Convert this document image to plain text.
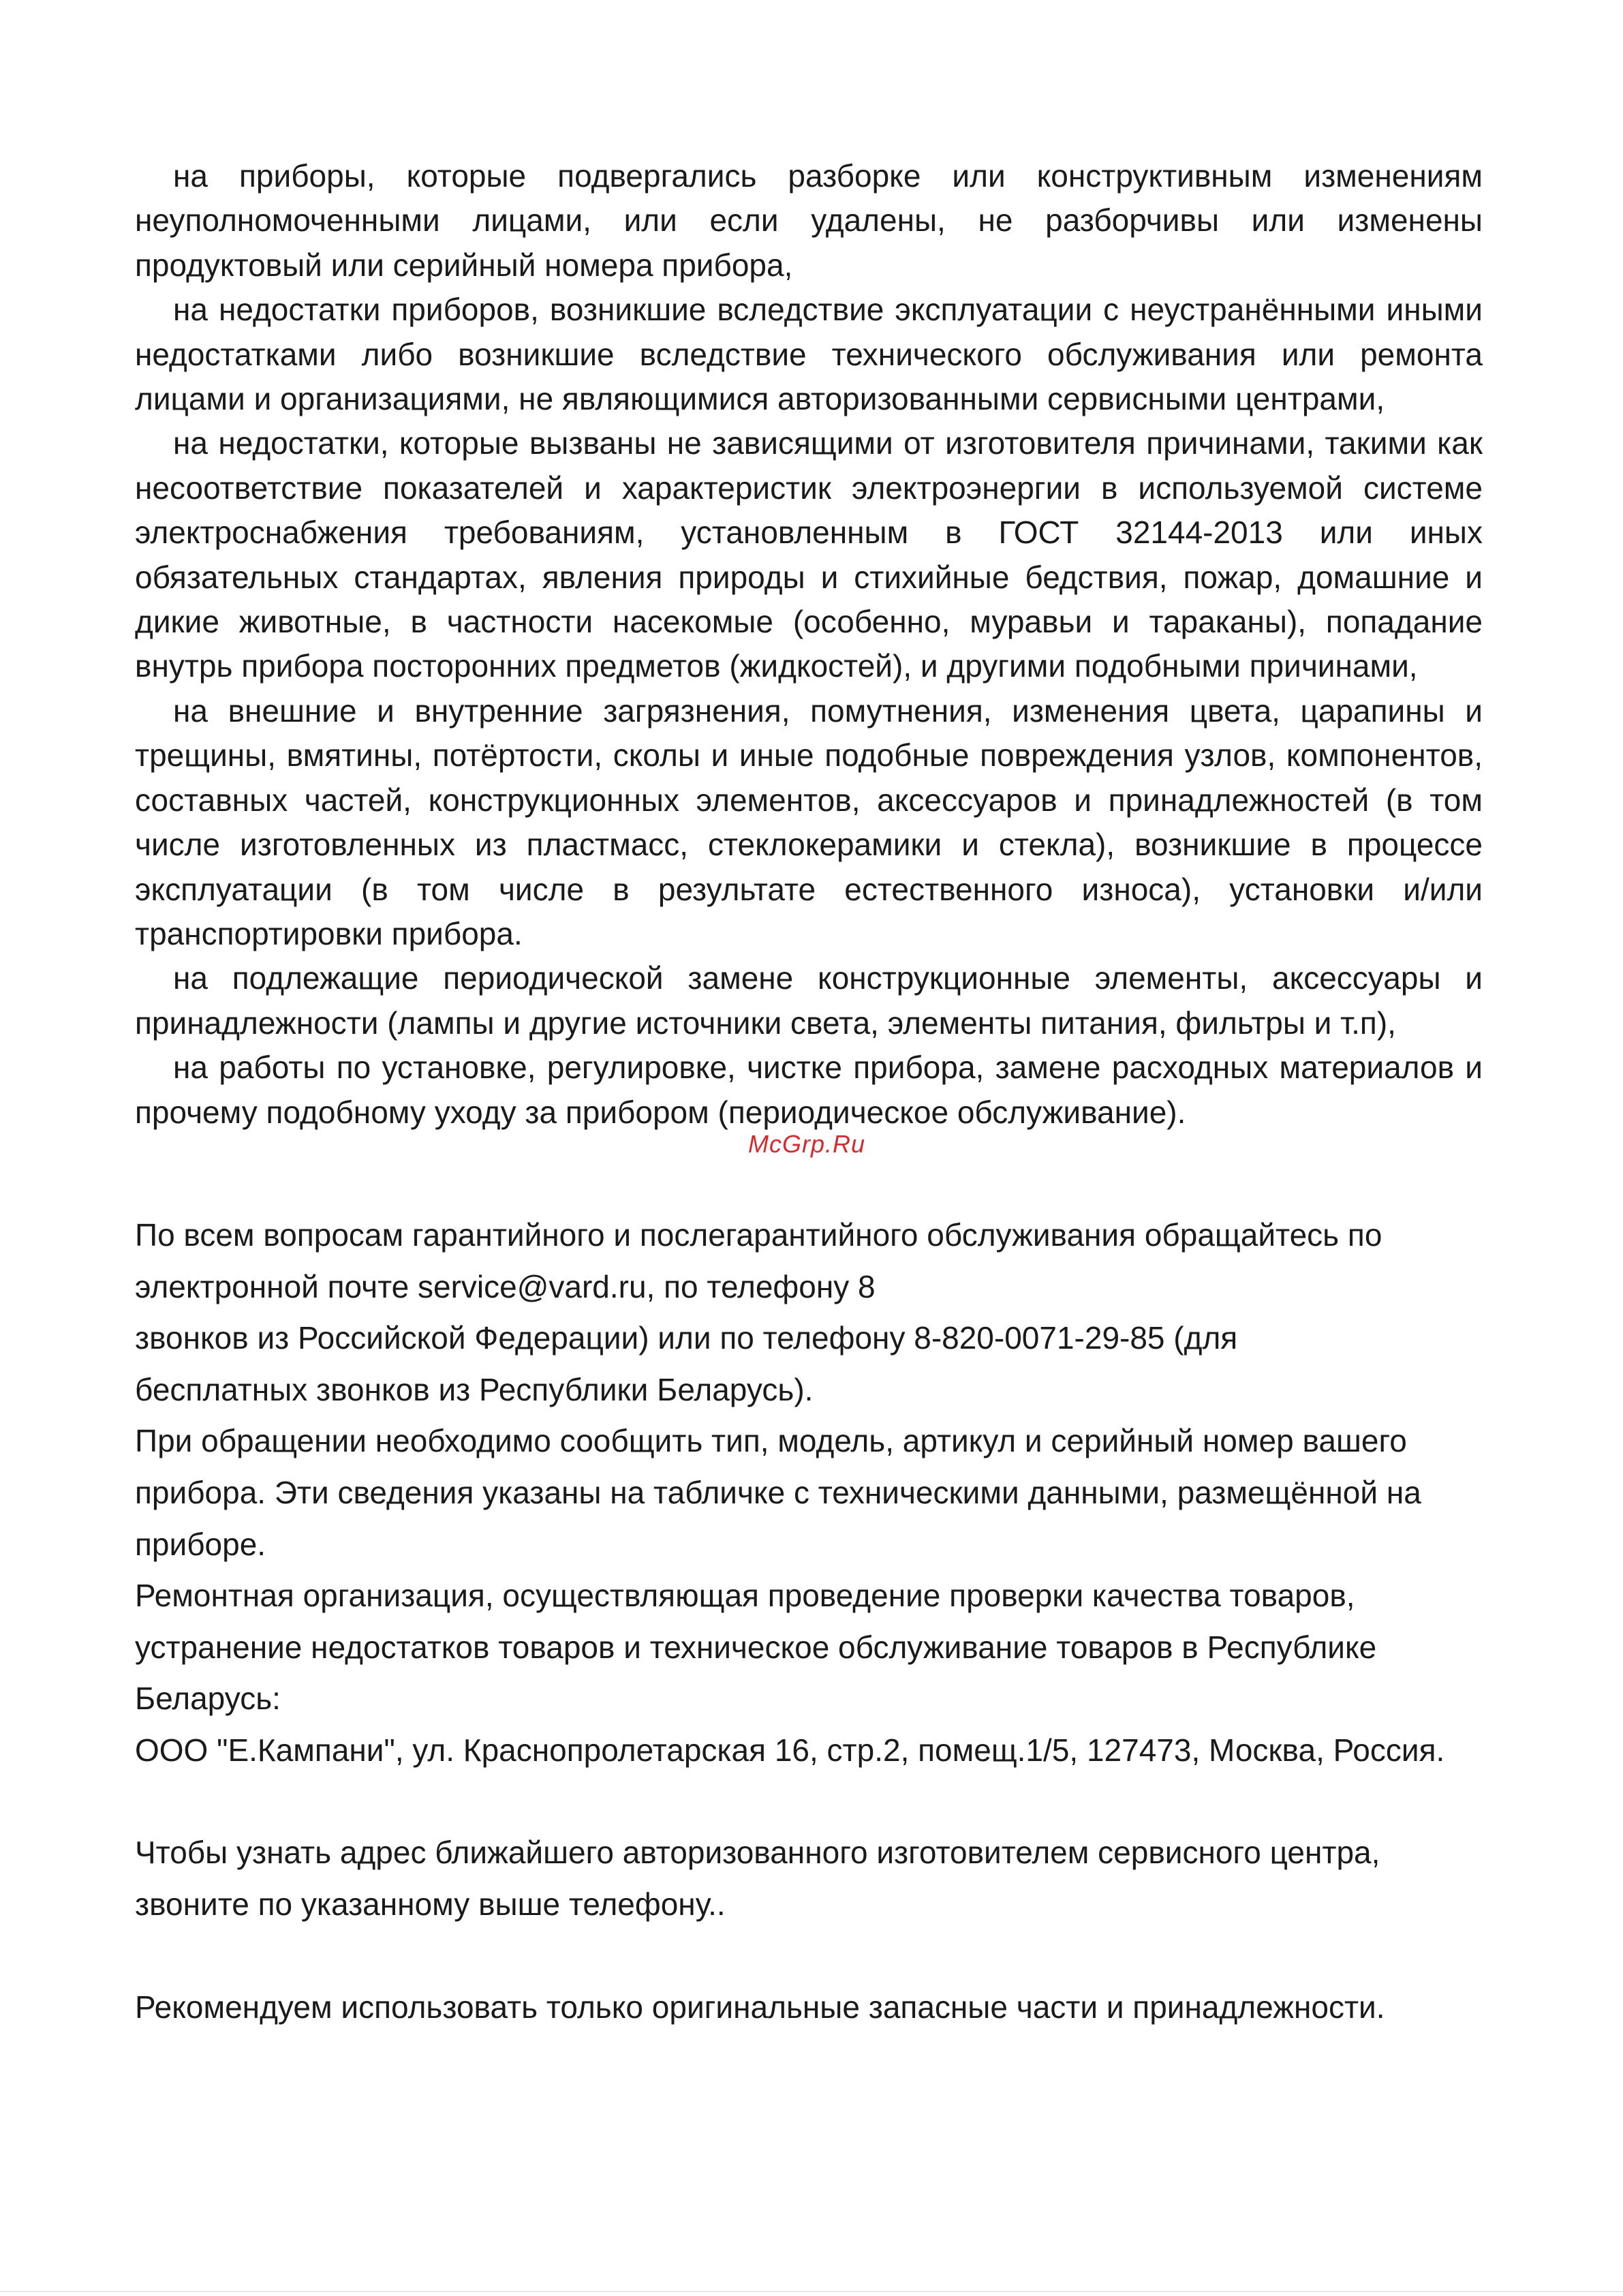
на приборы, которые подвергались разборке или конструктивным изменениям неуполномоченными лицами, или если удалены, не разборчивы или изменены продуктовый или серийный номера прибора,

на недостатки приборов, возникшие вследствие эксплуатации с неустранёнными иными недостатками либо возникшие вследствие технического обслуживания или ремонта лицами и организациями, не являющимися авторизованными сервисными центрами,

на недостатки, которые вызваны не зависящими от изготовителя причинами, такими как несоответствие показателей и характеристик электроэнергии в используемой системе электроснабжения требованиям, установленным в ГОСТ 32144-2013 или иных обязательных стандартах, явления природы и стихийные бедствия, пожар, домашние и дикие животные, в частности насекомые (особенно, муравьи и тараканы), попадание внутрь прибора посторонних предметов (жидкостей), и другими подобными причинами,

на внешние и внутренние загрязнения, помутнения, изменения цвета, царапины и трещины, вмятины, потёртости, сколы и иные подобные повреждения узлов, компонентов, составных частей, конструкционных элементов, аксессуаров и принадлежностей (в том числе изготовленных из пластмасс, стеклокерамики и стекла), возникшие в процессе эксплуатации (в том числе в результате естественного износа), установки и/или транспортировки прибора.

на подлежащие периодической замене конструкционные элементы, аксессуары и принадлежности (лампы и другие источники света, элементы питания, фильтры и т.п),

на работы по установке, регулировке, чистке прибора, замене расходных материалов и прочему подобному уходу за прибором (периодическое обслуживание).

По всем вопросам гарантийного и послегарантийного обслуживания обращайтесь по

электронной почте service@vard.ru, по телефону 8

звонков из Российской Федерации) или по телефону 8-820-0071-29-85 (для

бесплатных звонков из Республики Беларусь).

При обращении необходимо сообщить тип, модель, артикул и серийный номер вашего

прибора. Эти сведения указаны на табличке с техническими данными, размещённой на

приборе.

Ремонтная организация, осуществляющая проведение проверки качества товаров,

устранение недостатков товаров и техническое обслуживание товаров в Республике

Беларусь:

ООО "Е.Кампани", ул. Краснопролетарская 16, стр.2, помещ.1/5, 127473, Москва, Россия.

Чтобы узнать адрес ближайшего авторизованного изготовителем сервисного центра,

звоните по указанному выше телефону..

Рекомендуем использовать только оригинальные запасные части и принадлежности.

McGrp.Ru
